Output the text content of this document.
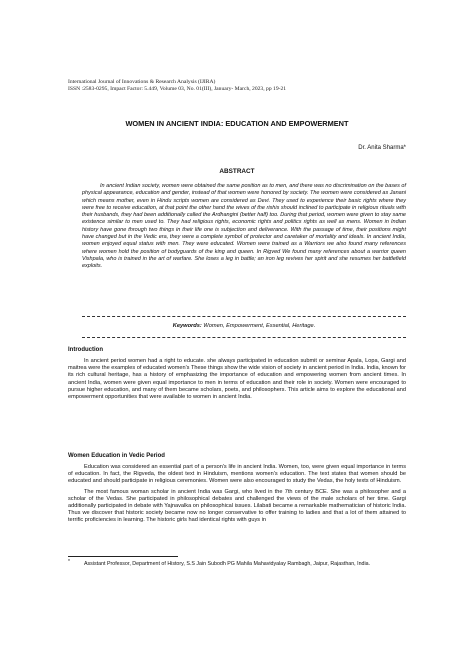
International Journal of Innovations & Research Analysis (IJIRA)
ISSN :2583-0295, Impact Factor: 5.449, Volume 03, No. 01(III), January- March, 2023, pp 19-21
WOMEN IN ANCIENT INDIA: EDUCATION AND EMPOWERMENT
Dr. Anita Sharma*
ABSTRACT
In ancient Indian society, women were obtained the same position as to men, and there was no discrimination on the bases of physical appearance, education and gender, instead of that women were honored by society. The women were considered as Janani which means mother, even in Hindu scripts women are considered as Devi. They used to experience their basic rights where they were free to receive education, at that point the other hand the wives of the rishis should inclined to participate in religious rituals with their husbands, they had been additionally called the Ardhangini (better half) too. During that period, women were given to stay same existence similar to men used to. They had religious rights, economic rights and politics rights as well as mens. Women in Indian history have gone through two things in their life one is subjection and deliverance. With the passage of time, their positions might have changed but in the Vedic era, they were a complete symbol of protector and caretaker of mortality and ideals. In ancient India, women enjoyed equal status with men. They were educated. Women were trained as a Warriors we also found many references where women hold the position of bodyguards of the king and queen. In Rigved We found many references about a warrior queen Vishpala, who is trained in the art of warfare. She loses a leg in battle; an iron leg revives her spirit and she resumes her battlefield exploits.
Keywords: Women, Empowerment, Essential, Heritage.
Introduction

In ancient period women had a right to educate. she always participated in education submit or seminar Apala, Lopa, Gargi and maitrea were the examples of educated women's These things show the wide vision of society in ancient period in India. India, known for its rich cultural heritage, has a history of emphasizing the importance of education and empowering women from ancient times. In ancient India, women were given equal importance to men in terms of education and their role in society. Women were encouraged to pursue higher education, and many of them became scholars, poets, and philosophers. This article aims to explore the educational and empowerment opportunities that were available to women in ancient India.

Women Education in Vedic Period

Education was considered an essential part of a person's life in ancient India. Women, too, were given equal importance in terms of education. In fact, the Rigveda, the oldest text in Hinduism, mentions women's education. The text states that women should be educated and should participate in religious ceremonies. Women were also encouraged to study the Vedas, the holy texts of Hinduism.

The most famous woman scholar in ancient India was Gargi, who lived in the 7th century BCE. She was a philosopher and a scholar of the Vedas. She participated in philosophical debates and challenged the views of the male scholars of her time. Gargi additionally participated in debate with Yajnavalka on philosophical issues. Lilabati became a remarkable mathematician of historic India. Thus we discover that historic society became now no longer conservative to offer training to ladies and that a lot of them attained to terrific proficiencies in learning. The historic girls had identical rights with guys in

*	Assistant Professor, Department of History, S.S Jain Subodh PG Mahila Mahavidyalay Rambagh, Jaipur, Rajasthan, India.
